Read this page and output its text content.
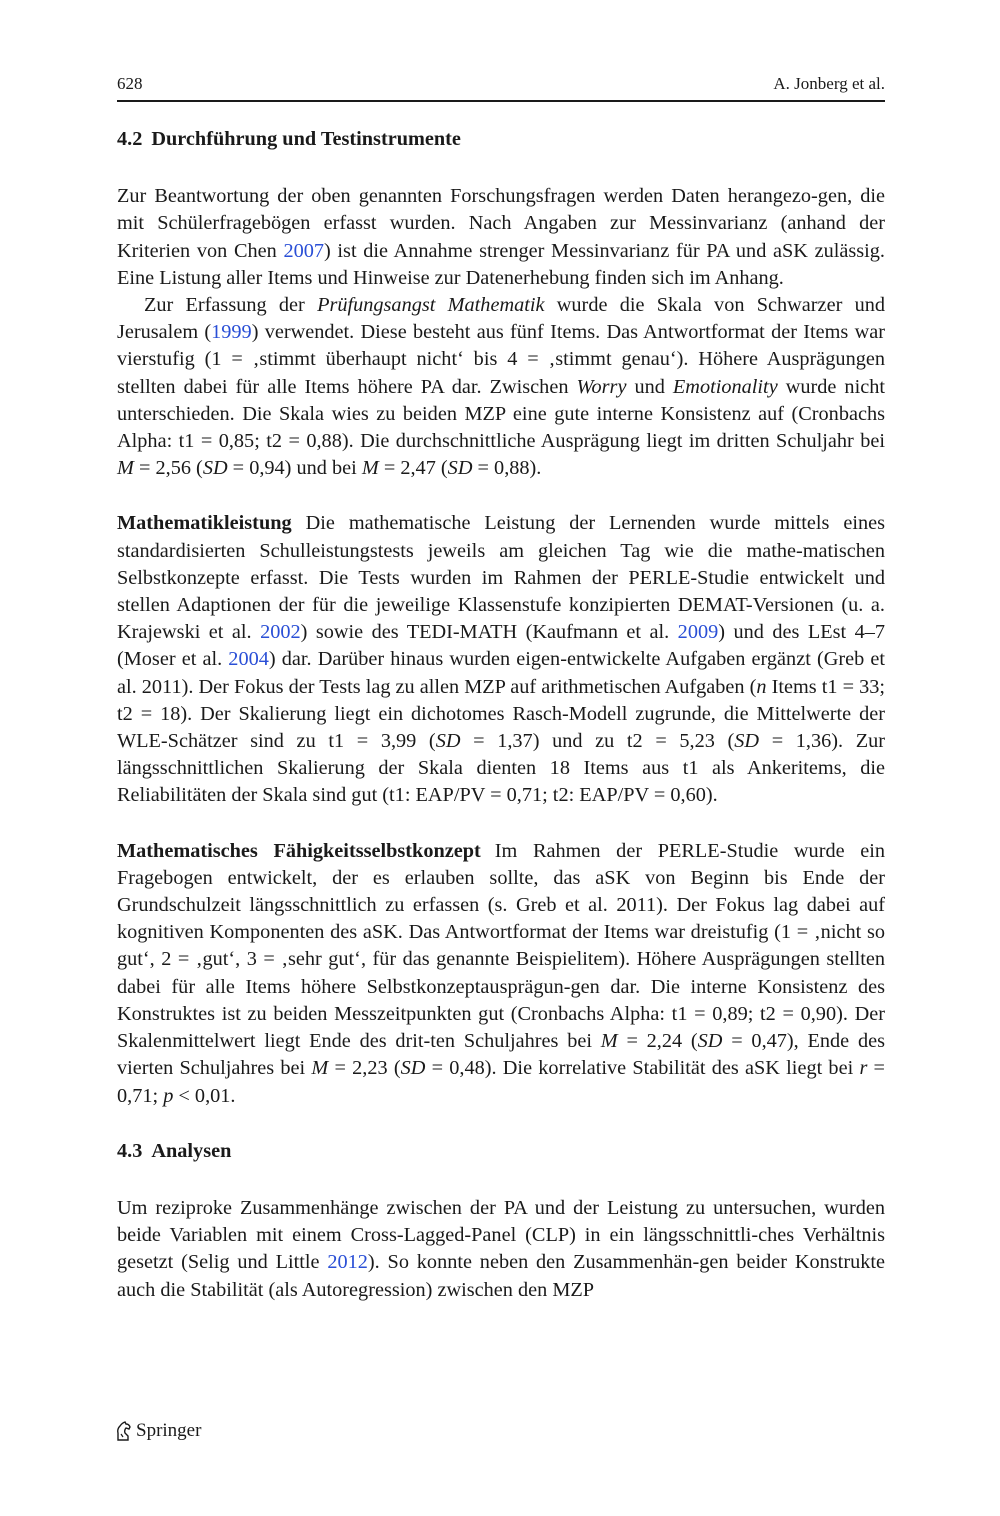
628	A. Jonberg et al.
4.2 Durchführung und Testinstrumente

Zur Beantwortung der oben genannten Forschungsfragen werden Daten herangezo-gen, die mit Schülerfragebögen erfasst wurden. Nach Angaben zur Messinvarianz (anhand der Kriterien von Chen 2007) ist die Annahme strenger Messinvarianz für PA und aSK zulässig. Eine Listung aller Items und Hinweise zur Datenerhebung finden sich im Anhang.

Zur Erfassung der Prüfungsangst Mathematik wurde die Skala von Schwarzer und Jerusalem (1999) verwendet. Diese besteht aus fünf Items. Das Antwortformat der Items war vierstufig (1 = ‚stimmt überhaupt nicht‘ bis 4 = ‚stimmt genau‘). Höhere Ausprägungen stellten dabei für alle Items höhere PA dar. Zwischen Worry und Emotionality wurde nicht unterschieden. Die Skala wies zu beiden MZP eine gute interne Konsistenz auf (Cronbachs Alpha: t1 = 0,85; t2 = 0,88). Die durchschnittliche Ausprägung liegt im dritten Schuljahr bei M = 2,56 (SD = 0,94) und bei M = 2,47 (SD = 0,88).

Mathematikleistung Die mathematische Leistung der Lernenden wurde mittels eines standardisierten Schulleistungstests jeweils am gleichen Tag wie die mathe-matischen Selbstkonzepte erfasst. Die Tests wurden im Rahmen der PERLE-Studie entwickelt und stellen Adaptionen der für die jeweilige Klassenstufe konzipierten DEMAT-Versionen (u. a. Krajewski et al. 2002) sowie des TEDI-MATH (Kaufmann et al. 2009) und des LEst 4–7 (Moser et al. 2004) dar. Darüber hinaus wurden eigen-entwickelte Aufgaben ergänzt (Greb et al. 2011). Der Fokus der Tests lag zu allen MZP auf arithmetischen Aufgaben (n Items t1 = 33; t2 = 18). Der Skalierung liegt ein dichotomes Rasch-Modell zugrunde, die Mittelwerte der WLE-Schätzer sind zu t1 = 3,99 (SD = 1,37) und zu t2 = 5,23 (SD = 1,36). Zur längsschnittlichen Skalierung der Skala dienten 18 Items aus t1 als Ankeritems, die Reliabilitäten der Skala sind gut (t1: EAP/PV = 0,71; t2: EAP/PV = 0,60).

Mathematisches Fähigkeitsselbstkonzept Im Rahmen der PERLE-Studie wurde ein Fragebogen entwickelt, der es erlauben sollte, das aSK von Beginn bis Ende der Grundschulzeit längsschnittlich zu erfassen (s. Greb et al. 2011). Der Fokus lag dabei auf kognitiven Komponenten des aSK. Das Antwortformat der Items war dreistufig (1 = ‚nicht so gut‘, 2 = ‚gut‘, 3 = ‚sehr gut‘, für das genannte Beispielitem). Höhere Ausprägungen stellten dabei für alle Items höhere Selbstkonzeptausprägun-gen dar. Die interne Konsistenz des Konstruktes ist zu beiden Messzeitpunkten gut (Cronbachs Alpha: t1 = 0,89; t2 = 0,90). Der Skalenmittelwert liegt Ende des drit-ten Schuljahres bei M = 2,24 (SD = 0,47), Ende des vierten Schuljahres bei M = 2,23 (SD = 0,48). Die korrelative Stabilität des aSK liegt bei r = 0,71; p < 0,01.

4.3 Analysen

Um reziproke Zusammenhänge zwischen der PA und der Leistung zu untersuchen, wurden beide Variablen mit einem Cross-Lagged-Panel (CLP) in ein längsschnittli-ches Verhältnis gesetzt (Selig und Little 2012). So konnte neben den Zusammenhän-gen beider Konstrukte auch die Stabilität (als Autoregression) zwischen den MZP

Springer
